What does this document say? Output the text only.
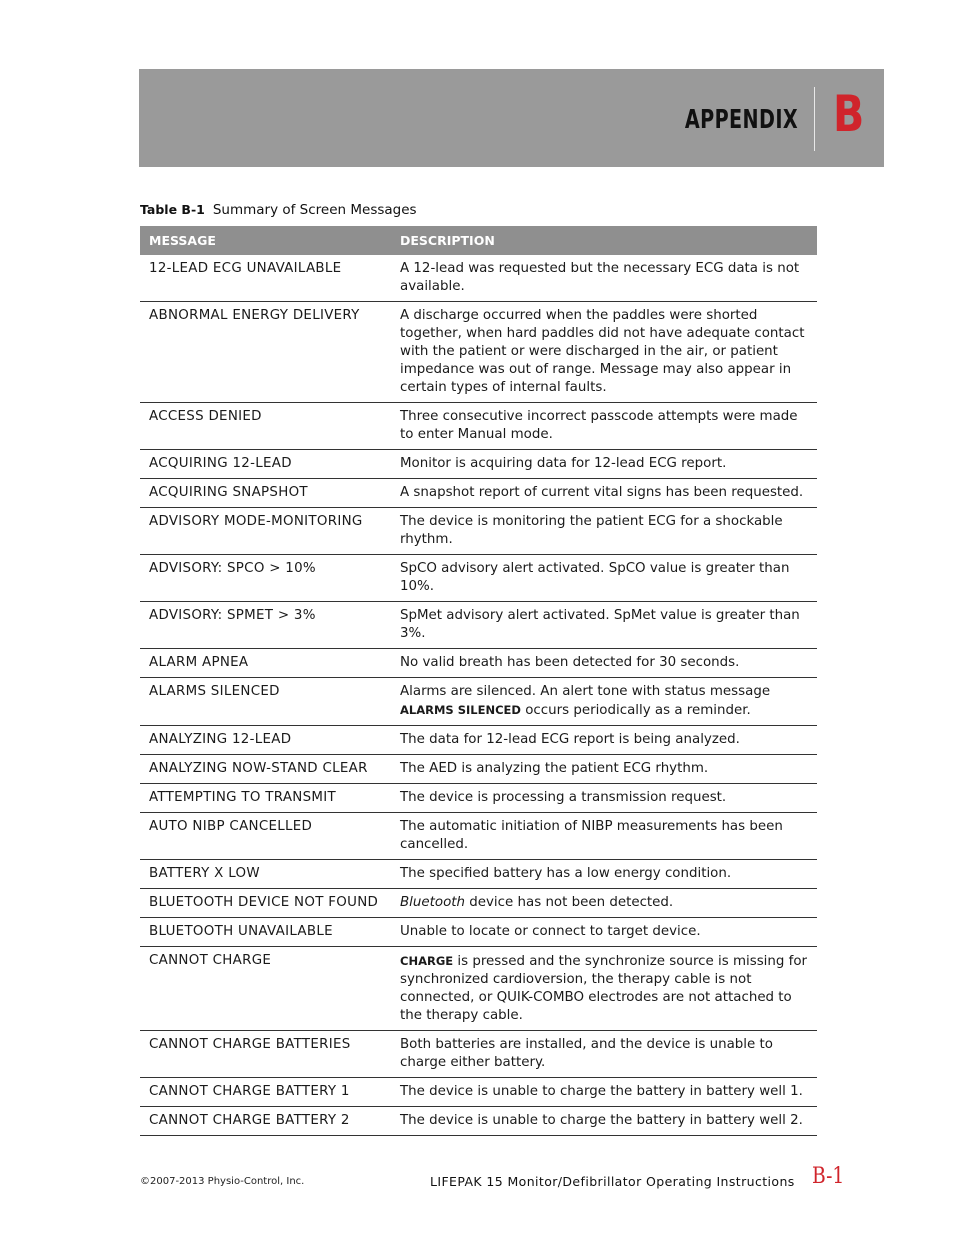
APPENDIX B
Table B-1 Summary of Screen Messages
MESSAGE	DESCRIPTION
12-LEAD ECG UNAVAILABLE	A 12-lead was requested but the necessary ECG data is not available.
ABNORMAL ENERGY DELIVERY	A discharge occurred when the paddles were shorted together, when hard paddles did not have adequate contact with the patient or were discharged in the air, or patient impedance was out of range. Message may also appear in certain types of internal faults.
ACCESS DENIED	Three consecutive incorrect passcode attempts were made to enter Manual mode.
ACQUIRING 12-LEAD	Monitor is acquiring data for 12-lead ECG report.
ACQUIRING SNAPSHOT	A snapshot report of current vital signs has been requested.
ADVISORY MODE-MONITORING	The device is monitoring the patient ECG for a shockable rhythm.
ADVISORY: SPCO > 10%	SpCO advisory alert activated. SpCO value is greater than 10%.
ADVISORY: SPMET > 3%	SpMet advisory alert activated. SpMet value is greater than 3%.
ALARM APNEA	No valid breath has been detected for 30 seconds.
ALARMS SILENCED	Alarms are silenced. An alert tone with status message ALARMS SILENCED occurs periodically as a reminder.
ANALYZING 12-LEAD	The data for 12-lead ECG report is being analyzed.
ANALYZING NOW-STAND CLEAR	The AED is analyzing the patient ECG rhythm.
ATTEMPTING TO TRANSMIT	The device is processing a transmission request.
AUTO NIBP CANCELLED	The automatic initiation of NIBP measurements has been cancelled.
BATTERY X LOW	The specified battery has a low energy condition.
BLUETOOTH DEVICE NOT FOUND	Bluetooth device has not been detected.
BLUETOOTH UNAVAILABLE	Unable to locate or connect to target device.
CANNOT CHARGE	CHARGE is pressed and the synchronize source is missing for synchronized cardioversion, the therapy cable is not connected, or QUIK-COMBO electrodes are not attached to the therapy cable.
CANNOT CHARGE BATTERIES	Both batteries are installed, and the device is unable to charge either battery.
CANNOT CHARGE BATTERY 1	The device is unable to charge the battery in battery well 1.
CANNOT CHARGE BATTERY 2	The device is unable to charge the battery in battery well 2.
©2007-2013 Physio-Control, Inc.	LIFEPAK 15 Monitor/Defibrillator Operating Instructions B-1
